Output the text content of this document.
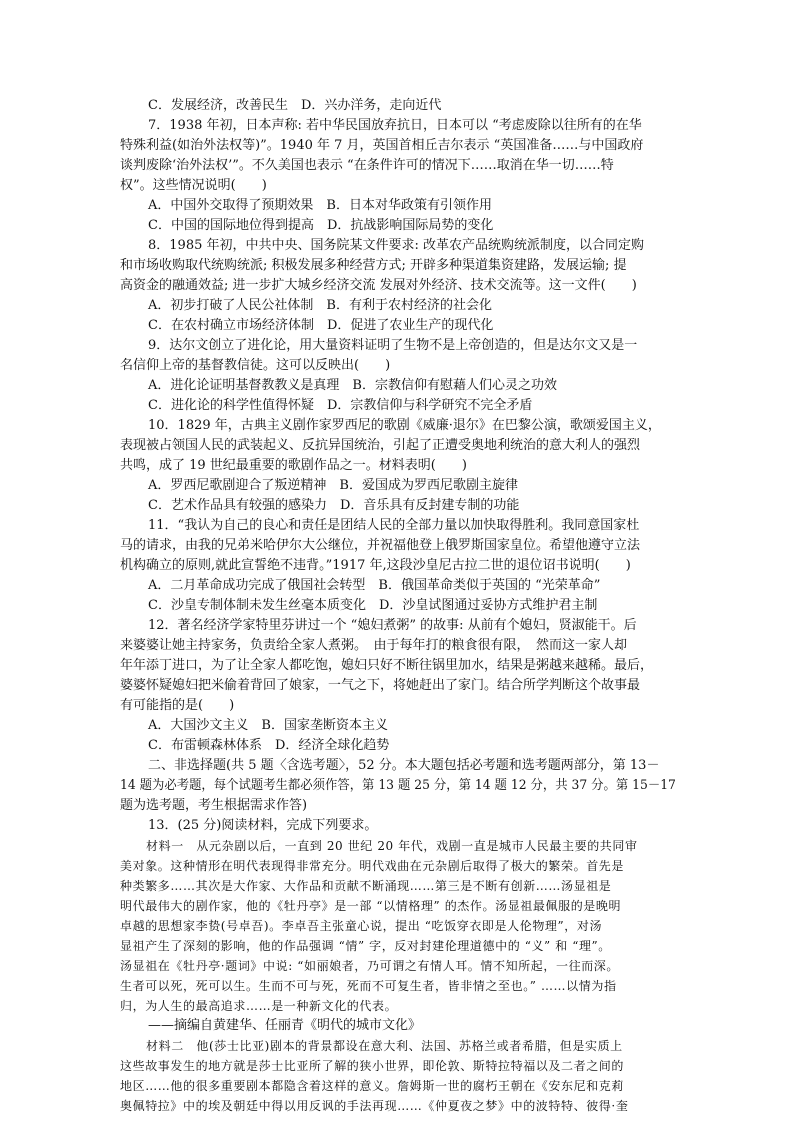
C．发展经济，改善民生　D．兴办洋务，走向近代
7．1938 年初，日本声称: 若中华民国放弃抗日，日本可以 “考虑废除以往所有的在华
特殊利益(如治外法权等)”。1940 年 7 月，英国首相丘吉尔表示 “英国准备……与中国政府
谈判废除‘治外法权’”。不久美国也表示 “在条件许可的情况下……取消在华一切……特
权”。这些情况说明(　　)
A．中国外交取得了预期效果　B．日本对华政策有引领作用
C．中国的国际地位得到提高　D．抗战影响国际局势的变化
8．1985 年初，中共中央、国务院某文件要求: 改革农产品统购统派制度，以合同定购
和市场收购取代统购统派; 积极发展多种经营方式; 开辟多种渠道集资建路，发展运输; 提
高资金的融通效益; 进一步扩大城乡经济交流 发展对外经济、技术交流等。这一文件(　　)
A．初步打破了人民公社体制　B．有利于农村经济的社会化
C．在农村确立市场经济体制　D．促进了农业生产的现代化
9．达尔文创立了进化论，用大量资料证明了生物不是上帝创造的，但是达尔文又是一
名信仰上帝的基督教信徒。这可以反映出(　　)
A．进化论证明基督教教义是真理　B．宗教信仰有慰藉人们心灵之功效
C．进化论的科学性值得怀疑　D．宗教信仰与科学研究不完全矛盾
10．1829 年，古典主义剧作家罗西尼的歌剧《威廉·退尔》在巴黎公演，歌颂爱国主义，
表现被占领国人民的武装起义、反抗异国统治，引起了正遭受奥地利统治的意大利人的强烈
共鸣，成了 19 世纪最重要的歌剧作品之一。材料表明(　　)
A．罗西尼歌剧迎合了叛逆精神　B．爱国成为罗西尼歌剧主旋律
C．艺术作品具有较强的感染力　D．音乐具有反封建专制的功能
11．“我认为自己的良心和责任是团结人民的全部力量以加快取得胜利。我同意国家杜
马的请求，由我的兄弟米哈伊尔大公继位，并祝福他登上俄罗斯国家皇位。希望他遵守立法
机构确立的原则,就此宣誓绝不违背。”1917 年,这段沙皇尼古拉二世的退位诏书说明(　　)
A．二月革命成功完成了俄国社会转型　B．俄国革命类似于英国的 “光荣革命”
C．沙皇专制体制未发生丝毫本质变化　D．沙皇试图通过妥协方式维护君主制
12．著名经济学家特里芬讲过一个 “媳妇煮粥” 的故事: 从前有个媳妇，贤淑能干。后
来婆婆让她主持家务，负责给全家人煮粥。　由于每年打的粮食很有限，　然而这一家人却
年年添丁进口，为了让全家人都吃饱，媳妇只好不断往锅里加水，结果是粥越来越稀。最后，
婆婆怀疑媳妇把米偷着背回了娘家，一气之下，将她赶出了家门。结合所学判断这个故事最
有可能指的是(　　)
A．大国沙文主义　B．国家垄断资本主义
C．布雷顿森林体系　D．经济全球化趋势
二、非选择题(共 5 题〈含选考题〉，52 分。本大题包括必考题和选考题两部分，第 13－
14 题为必考题，每个试题考生都必须作答，第 13 题 25 分，第 14 题 12 分，共 37 分。第 15－17
题为选考题，考生根据需求作答)
13．(25 分)阅读材料，完成下列要求。
材料一　从元杂剧以后，一直到 20 世纪 20 年代，戏剧一直是城市人民最主要的共同审
美对象。这种情形在明代表现得非常充分。明代戏曲在元杂剧后取得了极大的繁荣。首先是
种类繁多……其次是大作家、大作品和贡献不断涌现……第三是不断有创新……汤显祖是
明代最伟大的剧作家，他的《牡丹亭》是一部 “以情格理” 的杰作。汤显祖最佩服的是晚明
卓越的思想家李贽(号卓吾)。李卓吾主张童心说，提出 “吃饭穿衣即是人伦物理”，对汤
显祖产生了深刻的影响，他的作品强调 “情” 字，反对封建伦理道德中的 “义” 和 “理”。
汤显祖在《牡丹亭·题词》中说: “如丽娘者，乃可谓之有情人耳。情不知所起，一往而深。
生者可以死，死可以生。生而不可与死，死而不可复生者，皆非情之至也。” ……以情为指
归，为人生的最高追求……是一种新文化的代表。
——摘编自黄建华、任丽青《明代的城市文化》
材料二　他(莎士比亚)剧本的背景都设在意大利、法国、苏格兰或者希腊，但是实质上
这些故事发生的地方就是莎士比亚所了解的狭小世界，即伦敦、斯特拉特福以及二者之间的
地区……他的很多重要剧本都隐含着这样的意义。詹姆斯一世的腐朽王朝在《安东尼和克莉
奥佩特拉》中的埃及朝廷中得以用反讽的手法再现……《仲夏夜之梦》中的波特特、彼得·奎
